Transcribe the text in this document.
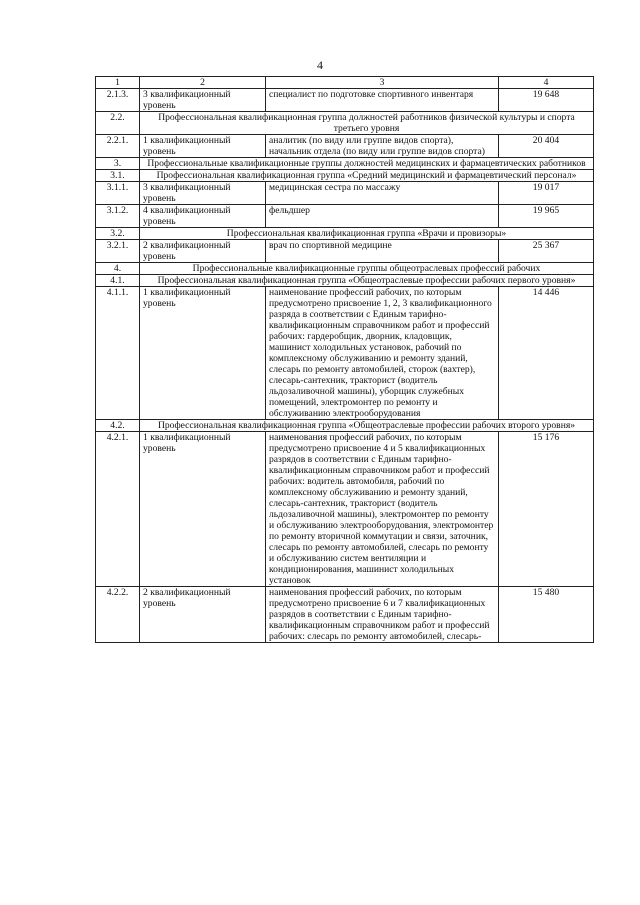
4
1	2	3	4
2.1.3.	3 квалификационный уровень	специалист по подготовке спортивного инвентаря	19 648
2.2.	Профессиональная квалификационная группа должностей работников физической культуры и спорта третьего уровня		
2.2.1.	1 квалификационный уровень	аналитик (по виду или группе видов спорта), начальник отдела (по виду или группе видов спорта)	20 404
3.	Профессиональные квалификационные группы должностей медицинских и фармацевтических работников		
3.1.	Профессиональная квалификационная группа «Средний медицинский и фармацевтический персонал»		
3.1.1.	3 квалификационный уровень	медицинская сестра по массажу	19 017
3.1.2.	4 квалификационный уровень	фельдшер	19 965
3.2.	Профессиональная квалификационная группа «Врачи и провизоры»		
3.2.1.	2 квалификационный уровень	врач по спортивной медицине	25 367
4.	Профессиональные квалификационные группы общеотраслевых профессий рабочих		
4.1.	Профессиональная квалификационная группа «Общеотраслевые профессии рабочих первого уровня»		
4.1.1.	1 квалификационный уровень	наименование профессий рабочих, по которым предусмотрено присвоение 1, 2, 3 квалификационного разряда в соответствии с Единым тарифно-квалификационным справочником работ и профессий рабочих: гардеробщик, дворник, кладовщик, машинист холодильных установок, рабочий по комплексному обслуживанию и ремонту зданий, слесарь по ремонту автомобилей, сторож (вахтер), слесарь-сантехник, тракторист (водитель льдозаливочной машины), уборщик служебных помещений, электромонтер по ремонту и обслуживанию электрооборудования	14 446
4.2.	Профессиональная квалификационная группа «Общеотраслевые профессии рабочих второго уровня»		
4.2.1.	1 квалификационный уровень	наименования профессий рабочих, по которым предусмотрено присвоение 4 и 5 квалификационных разрядов в соответствии с Единым тарифно-квалификационным справочником работ и профессий рабочих: водитель автомобиля, рабочий по комплексному обслуживанию и ремонту зданий, слесарь-сантехник, тракторист (водитель льдозаливочной машины), электромонтер по ремонту и обслуживанию электрооборудования, электромонтер по ремонту вторичной коммутации и связи, заточник, слесарь по ремонту автомобилей, слесарь по ремонту и обслуживанию систем вентиляции и кондиционирования, машинист холодильных установок	15 176
4.2.2.	2 квалификационный уровень	наименования профессий рабочих, по которым предусмотрено присвоение 6 и 7 квалификационных разрядов в соответствии с Единым тарифно-квалификационным справочником работ и профессий рабочих: слесарь по ремонту автомобилей, слесарь-	15 480
